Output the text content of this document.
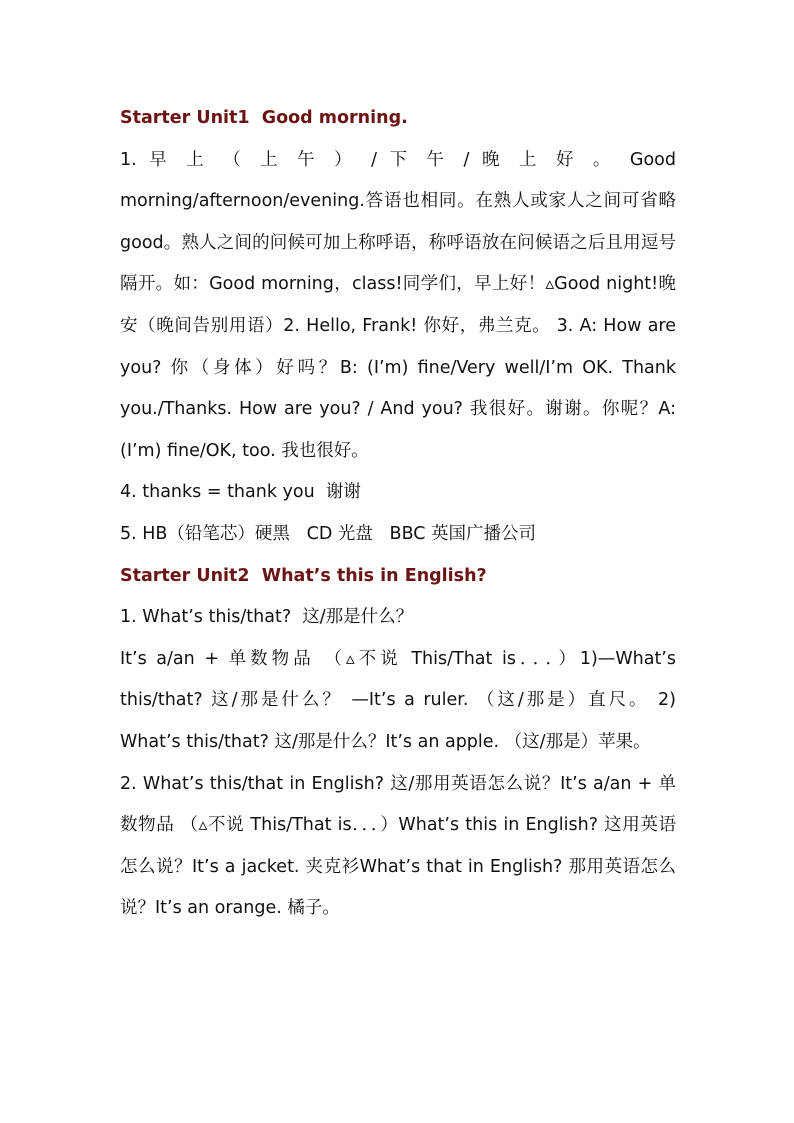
Starter Unit1  Good morning.

1. 早 上 （ 上 午 ） / 下 午 / 晚 上 好 。 Good morning/afternoon/evening.答语也相同。在熟人或家人之间可省略 good。熟人之间的问候可加上称呼语，称呼语放在问候语之后且用逗号隔开。如：Good morning，class!同学们，早上好！▵Good night!晚安（晚间告别用语）2. Hello, Frank! 你好，弗兰克。 3. A: How are you? 你（身体）好吗？B: (I’m) fine/Very well/I’m OK. Thank you./Thanks. How are you? / And you? 我很好。谢谢。你呢？A: (I’m) fine/OK, too. 我也很好。

4. thanks = thank you  谢谢

5. HB（铅笔芯）硬黑   CD 光盘   BBC 英国广播公司

Starter Unit2  What’s this in English?

1. What’s this/that?  这/那是什么？

It’s a/an + 单数物品 （▵不说 This/That is．．．）1)—What’s this/that? 这/那是什么？ —It’s a ruler. （这/那是）直尺。 2) What’s this/that? 这/那是什么？It’s an apple. （这/那是）苹果。

2. What’s this/that in English? 这/那用英语怎么说？It’s a/an + 单数物品 （▵不说 This/That is．．．）What’s this in English? 这用英语怎么说？It’s a jacket. 夹克衫What’s that in English? 那用英语怎么说？It’s an orange. 橘子。
